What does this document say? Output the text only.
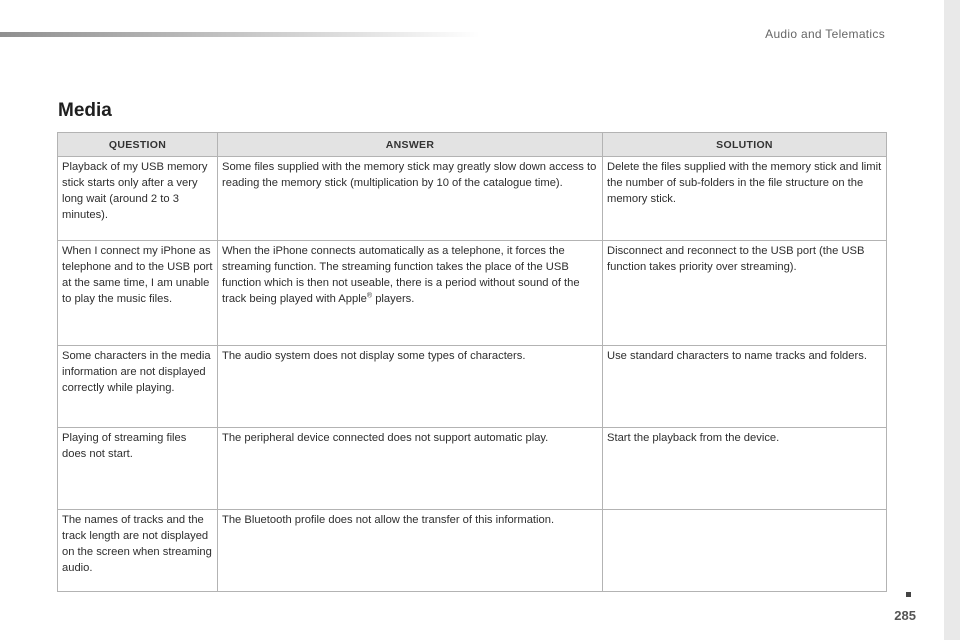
Audio and Telematics
Media
QUESTION	ANSWER	SOLUTION
Playback of my USB memory stick starts only after a very long wait (around 2 to 3 minutes).	Some files supplied with the memory stick may greatly slow down access to reading the memory stick (multiplication by 10 of the catalogue time).	Delete the files supplied with the memory stick and limit the number of sub-folders in the file structure on the memory stick.
When I connect my iPhone as telephone and to the USB port at the same time, I am unable to play the music files.	When the iPhone connects automatically as a telephone, it forces the streaming function. The streaming function takes the place of the USB function which is then not useable, there is a period without sound of the track being played with Apple® players.	Disconnect and reconnect to the USB port (the USB function takes priority over streaming).
Some characters in the media information are not displayed correctly while playing.	The audio system does not display some types of characters.	Use standard characters to name tracks and folders.
Playing of streaming files does not start.	The peripheral device connected does not support automatic play.	Start the playback from the device.
The names of tracks and the track length are not displayed on the screen when streaming audio.	The Bluetooth profile does not allow the transfer of this information.	
285
